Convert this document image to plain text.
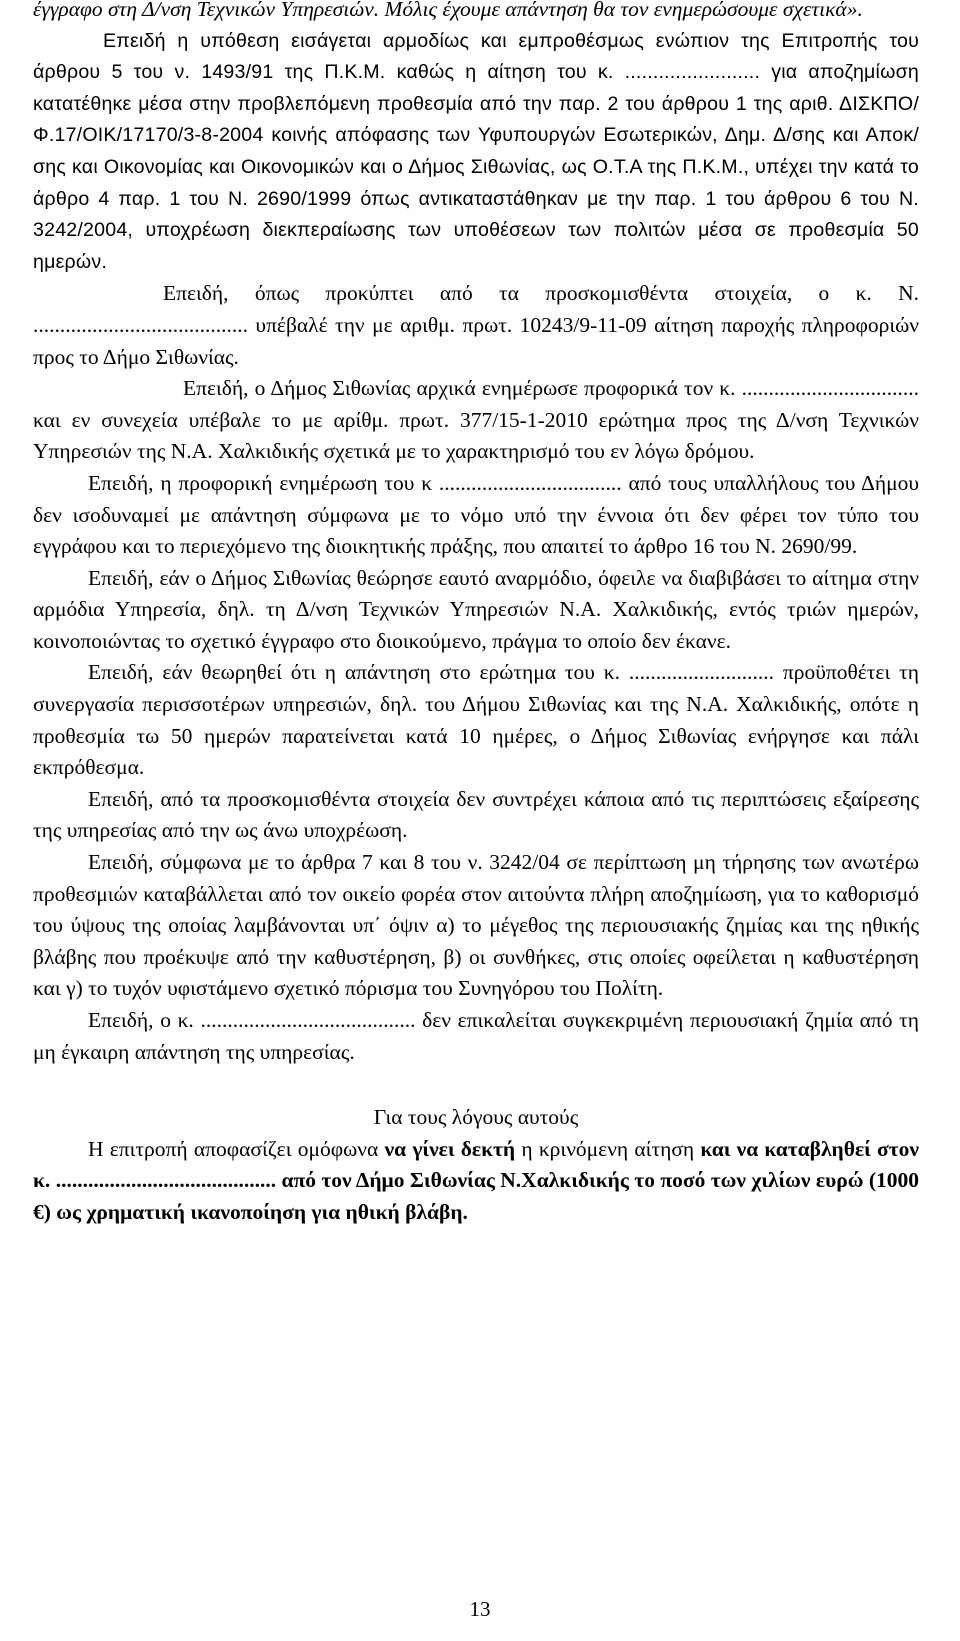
έγγραφο στη Δ/νση Τεχνικών Υπηρεσιών. Μόλις έχουμε απάντηση θα τον ενημερώσουμε σχετικά».

Επειδή η υπόθεση εισάγεται αρμοδίως και εμπροθέσμως ενώπιον της Επιτροπής του άρθρου 5 του ν. 1493/91 της Π.Κ.Μ. καθώς η αίτηση του κ. ........................ για αποζημίωση κατατέθηκε μέσα στην προβλεπόμενη προθεσμία από την παρ. 2 του άρθρου 1 της αριθ. ΔΙΣΚΠΟ/Φ.17/ΟΙΚ/17170/3-8-2004 κοινής απόφασης των Υφυπουργών Εσωτερικών, Δημ. Δ/σης και Αποκ/σης και Οικονομίας και Οικονομικών και ο Δήμος Σιθωνίας, ως Ο.Τ.Α της Π.Κ.Μ., υπέχει την κατά το άρθρο 4 παρ. 1 του Ν. 2690/1999 όπως αντικαταστάθηκαν με την παρ. 1 του άρθρου 6 του Ν. 3242/2004, υποχρέωση διεκπεραίωσης των υποθέσεων των πολιτών μέσα σε προθεσμία 50 ημερών.

Επειδή, όπως προκύπτει από τα προσκομισθέντα στοιχεία, ο κ. Ν. ........................................ υπέβαλέ την με αριθμ. πρωτ. 10243/9-11-09 αίτηση παροχής πληροφοριών προς το Δήμο Σιθωνίας.

Επειδή, ο Δήμος Σιθωνίας αρχικά ενημέρωσε προφορικά τον κ. ................................. και εν συνεχεία υπέβαλε το με αρίθμ. πρωτ. 377/15-1-2010 ερώτημα προς της Δ/νση Τεχνικών Υπηρεσιών της Ν.Α. Χαλκιδικής σχετικά με το χαρακτηρισμό του εν λόγω δρόμου.

Επειδή, η προφορική ενημέρωση του κ .................................. από τους υπαλλήλους του Δήμου δεν ισοδυναμεί με απάντηση σύμφωνα με το νόμο υπό την έννοια ότι δεν φέρει τον τύπο του εγγράφου και το περιεχόμενο της διοικητικής πράξης, που απαιτεί το άρθρο 16 του Ν. 2690/99.

Επειδή, εάν ο Δήμος Σιθωνίας θεώρησε εαυτό αναρμόδιο, όφειλε να διαβιβάσει το αίτημα στην αρμόδια Υπηρεσία, δηλ. τη Δ/νση Τεχνικών Υπηρεσιών Ν.Α. Χαλκιδικής, εντός τριών ημερών, κοινοποιώντας το σχετικό έγγραφο στο διοικούμενο, πράγμα το οποίο δεν έκανε.

Επειδή, εάν θεωρηθεί ότι η απάντηση στο ερώτημα του κ. ........................... προϋποθέτει τη συνεργασία περισσοτέρων υπηρεσιών, δηλ. του Δήμου Σιθωνίας και της Ν.Α. Χαλκιδικής, οπότε η προθεσμία τω 50 ημερών παρατείνεται κατά 10 ημέρες, ο Δήμος Σιθωνίας ενήργησε και πάλι εκπρόθεσμα.

Επειδή, από τα προσκομισθέντα στοιχεία δεν συντρέχει κάποια από τις περιπτώσεις εξαίρεσης της υπηρεσίας από την ως άνω υποχρέωση.

Επειδή, σύμφωνα με το άρθρα 7 και 8 του ν. 3242/04 σε περίπτωση μη τήρησης των ανωτέρω προθεσμιών καταβάλλεται από τον οικείο φορέα στον αιτούντα πλήρη αποζημίωση, για το καθορισμό του ύψους της οποίας λαμβάνονται υπ΄ όψιν α) το μέγεθος της περιουσιακής ζημίας και της ηθικής βλάβης που προέκυψε από την καθυστέρηση, β) οι συνθήκες, στις οποίες οφείλεται η καθυστέρηση και γ) το τυχόν υφιστάμενο σχετικό πόρισμα του Συνηγόρου του Πολίτη.

Επειδή, ο κ. ........................................ δεν επικαλείται συγκεκριμένη περιουσιακή ζημία από τη μη έγκαιρη απάντηση της υπηρεσίας.

Για τους λόγους αυτούς

Η επιτροπή αποφασίζει ομόφωνα να γίνει δεκτή η κρινόμενη αίτηση και να καταβληθεί στον κ. ......................................... από τον Δήμο Σιθωνίας Ν.Χαλκιδικής το ποσό των χιλίων ευρώ (1000 €) ως χρηματική ικανοποίηση για ηθική βλάβη.

13
